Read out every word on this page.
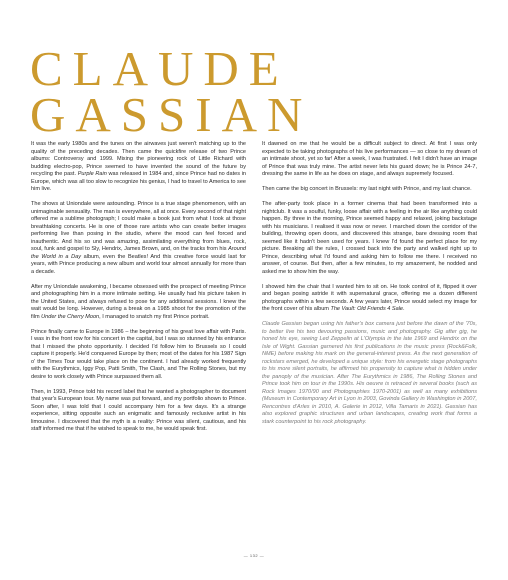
CLAUDE
GASSIAN

It was the early 1980s and the tunes on the airwaves just weren't matching up to the quality of the preceding decades. Then came the quickfire release of two Prince albums: Controversy and 1999. Mixing the pioneering rock of Little Richard with budding electro-pop, Prince seemed to have invented the sound of the future by recycling the past. Purple Rain was released in 1984 and, since Prince had no dates in Europe, which was all too slow to recognize his genius, I had to travel to America to see him live.

The shows at Uniondale were astounding. Prince is a true stage phenomenon, with an unimaginable sensuality. The man is everywhere, all at once. Every second of that night offered me a sublime photograph; I could make a book just from what I took at those breathtaking concerts. He is one of those rare artists who can create better images performing live than posing in the studio, where the mood can feel forced and inauthentic. And his so und was amazing, assimilating everything from blues, rock, soul, funk and gospel to Sly, Hendrix, James Brown, and, on the tracks from his Around the World in a Day album, even the Beatles! And this creative force would last for years, with Prince producing a new album and world tour almost annually for more than a decade.

After my Uniondale awakening, I became obsessed with the prospect of meeting Prince and photographing him in a more intimate setting. He usually had his picture taken in the United States, and always refused to pose for any additional sessions. I knew the wait would be long. However, during a break on a 1985 shoot for the promotion of the film Under the Cherry Moon, I managed to snatch my first Prince portrait.

Prince finally came to Europe in 1986 – the beginning of his great love affair with Paris. I was in the front row for his concert in the capital, but I was so stunned by his entrance that I missed the photo opportunity. I decided I'd follow him to Brussels so I could capture it properly. He'd conquered Europe by then; most of the dates for his 1987 Sign o' the Times Tour would take place on the continent. I had already worked frequently with the Eurythmics, Iggy Pop, Patti Smith, The Clash, and The Rolling Stones, but my desire to work closely with Prince surpassed them all.

Then, in 1993, Prince told his record label that he wanted a photographer to document that year's European tour. My name was put forward, and my portfolio shown to Prince. Soon after, I was told that I could accompany him for a few days. It's a strange experience, sitting opposite such an enigmatic and famously reclusive artist in his limousine. I discovered that the myth is a reality: Prince was silent, cautious, and his staff informed me that if he wished to speak to me, he would speak first.

It dawned on me that he would be a difficult subject to direct. At first I was only expected to be taking photographs of his live performances — so close to my dream of an intimate shoot, yet so far! After a week, I was frustrated. I felt I didn't have an image of Prince that was truly mine. The artist never lets his guard down; he is Prince 24-7, dressing the same in life as he does on stage, and always supremely focused.

Then came the big concert in Brussels: my last night with Prince, and my last chance.

The after-party took place in a former cinema that had been transformed into a nightclub. It was a soulful, funky, loose affair with a feeling in the air like anything could happen. By three in the morning, Prince seemed happy and relaxed, joking backstage with his musicians. I realised it was now or never. I marched down the corridor of the building, throwing open doors, and discovered this strange, bare dressing room that seemed like it hadn't been used for years. I knew I'd found the perfect place for my picture. Breaking all the rules, I crossed back into the party and walked right up to Prince, describing what I'd found and asking him to follow me there. I received no answer, of course. But then, after a few minutes, to my amazement, he nodded and asked me to show him the way.

I showed him the chair that I wanted him to sit on. He took control of it, flipped it over and began posing astride it with supernatural grace, offering me a dozen different photographs within a few seconds. A few years later, Prince would select my image for the front cover of his album The Vault: Old Friends 4 Sale.

Claude Gassian began using his father's box camera just before the dawn of the '70s, to better live his two devouring passions, music and photography. Gig after gig, he honed his eye, seeing Led Zeppelin at L'Olympia in the late 1969 and Hendrix on the Isle of Wight. Gassian garnered his first publications in the music press (Rock&Folk, NME) before making his mark on the general-interest press. As the next generation of rockstars emerged, he developed a unique style: from his energetic stage photographs to his more silent portraits, he affirmed his propensity to capture what is hidden under the panoply of the musician. After The Eurythmics in 1986, The Rolling Stones and Prince took him on tour in the 1990s. His oeuvre is retraced in several books (such as Rock Images 1970/90 and Photographies 1970-2001) as well as many exhibitions (Museum in Contemporary Art in Lyon in 2003, Govinda Gallery in Washington in 2007, Rencontres d'Arles in 2010, A. Galerie in 2012, Villa Tamaris in 2021). Gassian has also explored graphic structures and urban landscapes, creating work that forms a stark counterpoint to his rock photography.

— 132 —
